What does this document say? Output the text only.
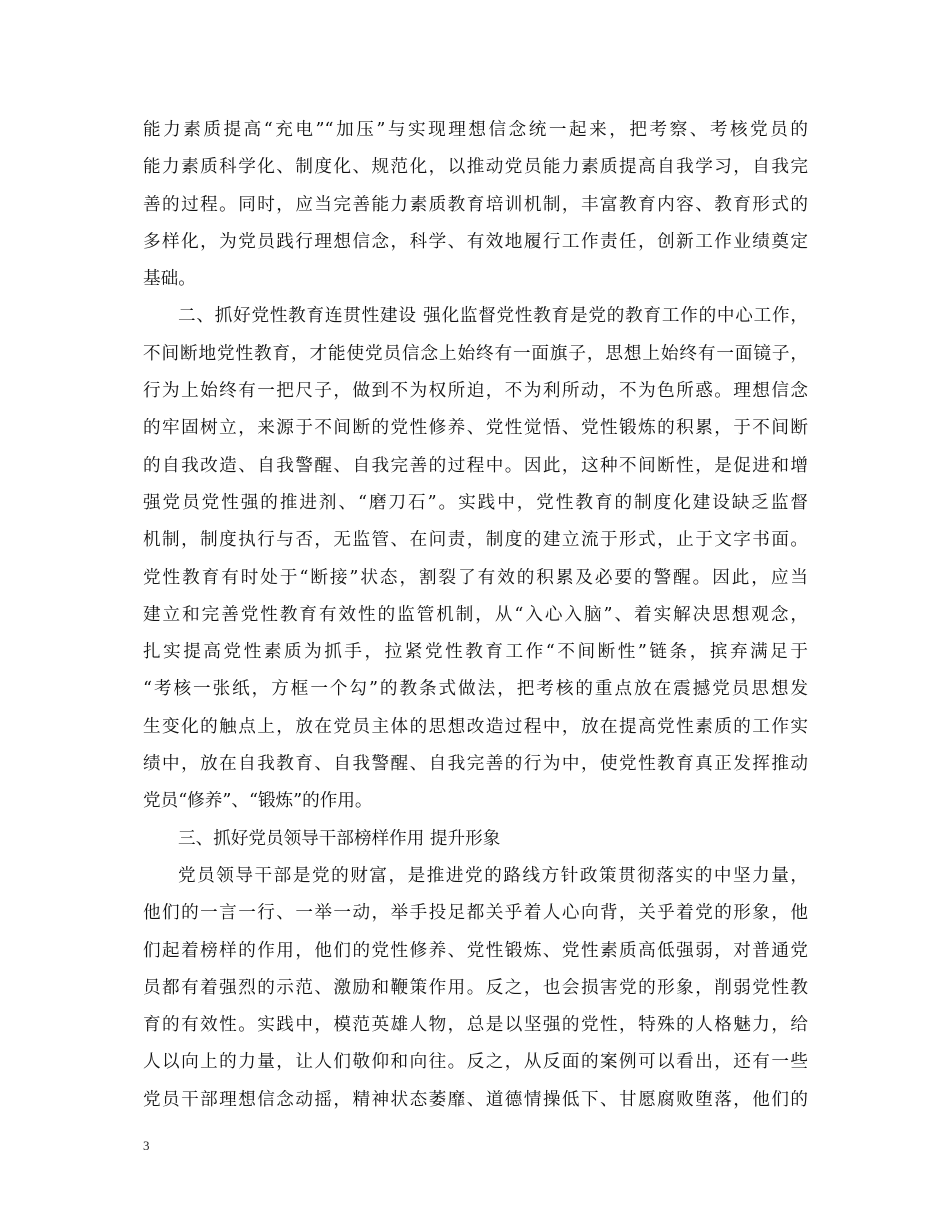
能力素质提高“充电”“加压”与实现理想信念统一起来，把考察、考核党员的
能力素质科学化、制度化、规范化，以推动党员能力素质提高自我学习，自我完
善的过程。同时，应当完善能力素质教育培训机制，丰富教育内容、教育形式的
多样化，为党员践行理想信念，科学、有效地履行工作责任，创新工作业绩奠定
基础。
二、抓好党性教育连贯性建设 强化监督党性教育是党的教育工作的中心工作，
不间断地党性教育，才能使党员信念上始终有一面旗子，思想上始终有一面镜子，
行为上始终有一把尺子，做到不为权所迫，不为利所动，不为色所惑。理想信念
的牢固树立，来源于不间断的党性修养、党性觉悟、党性锻炼的积累，于不间断
的自我改造、自我警醒、自我完善的过程中。因此，这种不间断性，是促进和增
强党员党性强的推进剂、“磨刀石”。实践中，党性教育的制度化建设缺乏监督
机制，制度执行与否，无监管、在问责，制度的建立流于形式，止于文字书面。
党性教育有时处于“断接”状态，割裂了有效的积累及必要的警醒。因此，应当
建立和完善党性教育有效性的监管机制，从“入心入脑”、着实解决思想观念，
扎实提高党性素质为抓手，拉紧党性教育工作“不间断性”链条，摈弃满足于
“考核一张纸，方框一个勾”的教条式做法，把考核的重点放在震撼党员思想发
生变化的触点上，放在党员主体的思想改造过程中，放在提高党性素质的工作实
绩中，放在自我教育、自我警醒、自我完善的行为中，使党性教育真正发挥推动
党员“修养”、“锻炼”的作用。
三、抓好党员领导干部榜样作用 提升形象
党员领导干部是党的财富，是推进党的路线方针政策贯彻落实的中坚力量，
他们的一言一行、一举一动，举手投足都关乎着人心向背，关乎着党的形象，他
们起着榜样的作用，他们的党性修养、党性锻炼、党性素质高低强弱，对普通党
员都有着强烈的示范、激励和鞭策作用。反之，也会损害党的形象，削弱党性教
育的有效性。实践中，模范英雄人物，总是以坚强的党性，特殊的人格魅力，给
人以向上的力量，让人们敬仰和向往。反之，从反面的案例可以看出，还有一些
党员干部理想信念动摇，精神状态萎靡、道德情操低下、甘愿腐败堕落，他们的
3
